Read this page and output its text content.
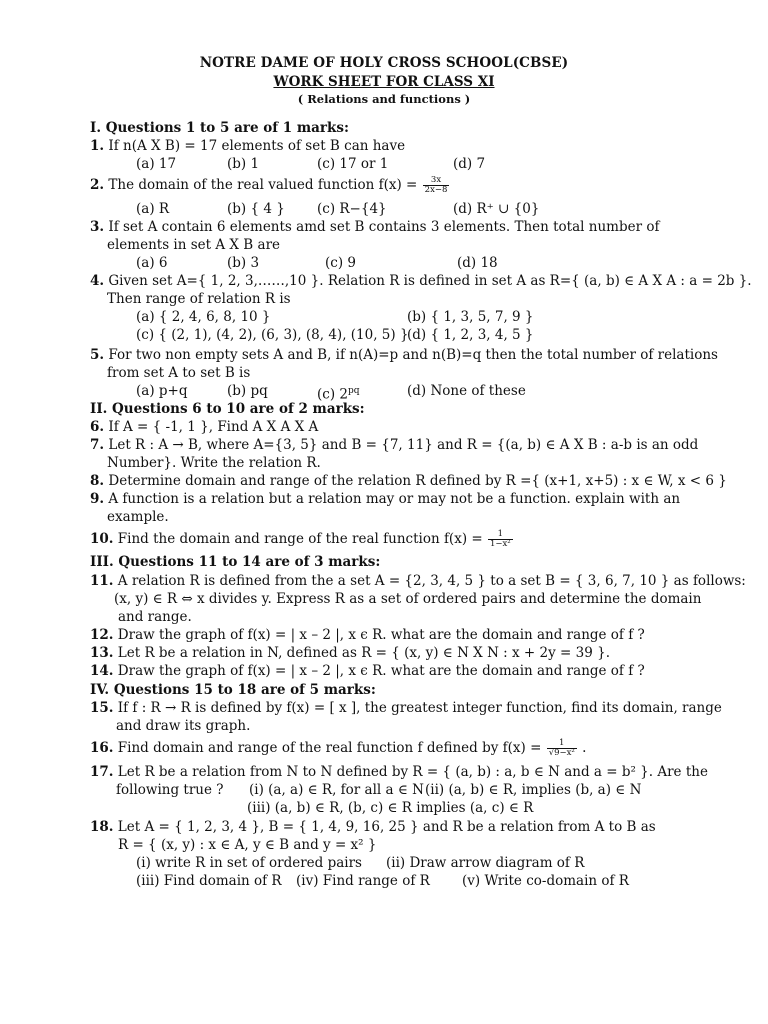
NOTRE DAME OF HOLY CROSS SCHOOL(CBSE)
WORK SHEET FOR CLASS XI
( Relations and functions )
I. Questions 1 to 5 are of 1 marks:
1. If n(A X B) = 17 elements of set B can have
(a) 17	(b) 1	(c) 17 or 1	(d) 7
2. The domain of the real valued function $f(x) = \frac{3x}{2x-8}$
(a) R	(b) { 4 } (c) R−{4}	(d) R⁺ ∪ {0}
3. If set A contain 6 elements amd set B contains 3 elements. Then total number of
elements in set A X B are
(a) 6	(b) 3	(c) 9	(d) 18
4. Given set A={ 1, 2, 3,……,10 }. Relation R is defined in set A as R={ (a, b) ∈ A X A : a = 2b }.
Then range of relation R is
(a) { 2, 4, 6, 8, 10 }	(b) { 1, 3, 5, 7, 9 }
(c) { (2, 1), (4, 2), (6, 3), (8, 4), (10, 5) }
(d) { 1, 2, 3, 4, 5 }
5. For two non empty sets A and B, if n(A)=p and n(B)=q then the total number of relations
from set A to set B is
(a) p+q	(b) pq	(c) $2^{pq}$	(d) None of these
II. Questions 6 to 10 are of 2 marks:
6. If A = { -1, 1 }, Find A X A X A
7. Let R : A → B, where A={3, 5} and B = {7, 11} and R = {(a, b) ∈ A X B : a-b is an odd
Number}. Write the relation R.
8. Determine domain and range of the relation R defined by R ={ (x+1, x+5) : x ∈ W, x < 6 }
9. A function is a relation but a relation may or may not be a function. explain with an
example.
10. Find the domain and range of the real function $f(x) = \frac{1}{\text{1−x²}}$
III. Questions 11 to 14 are of 3 marks:
11. A relation R is defined from the a set A = {2, 3, 4, 5 } to a set B = { 3, 6, 7, 10 } as follows:
(x, y) ∈ R ⇔ x divides y. Express R as a set of ordered pairs and determine the domain
and range.
12. Draw the graph of f(x) = | x – 2 |, x ϵ R. what are the domain and range of f ?
13. Let R be a relation in N, defined as R = { (x, y) ∈ N X N : x + 2y = 39 }.
14. Draw the graph of f(x) = | x – 2 |, x ϵ R. what are the domain and range of f ?
IV. Questions 15 to 18 are of 5 marks:
15. If f : R → R is defined by f(x) = [ x ], the greatest integer function, find its domain, range
and draw its graph.
16. Find domain and range of the real function f defined by $f(x) = \frac{1}{\text{√9−x²}}$ .
17. Let R be a relation from N to N defined by R = { (a, b) : a, b ∈ N and a = b² }. Are the
following true ? (i) (a, a) ∈ R, for all a ∈ N (ii) (a, b) ∈ R, implies (b, a) ∈ N
(iii) (a, b) ∈ R, (b, c) ∈ R implies (a, c) ∈ R
18. Let A = { 1, 2, 3, 4 }, B = { 1, 4, 9, 16, 25 } and R be a relation from A to B as
R = { (x, y) : x ∈ A, y ∈ B and y = x² }
(i) write R in set of ordered pairs (ii) Draw arrow diagram of R
(iii) Find domain of R (iv) Find range of R (v) Write co-domain of R
